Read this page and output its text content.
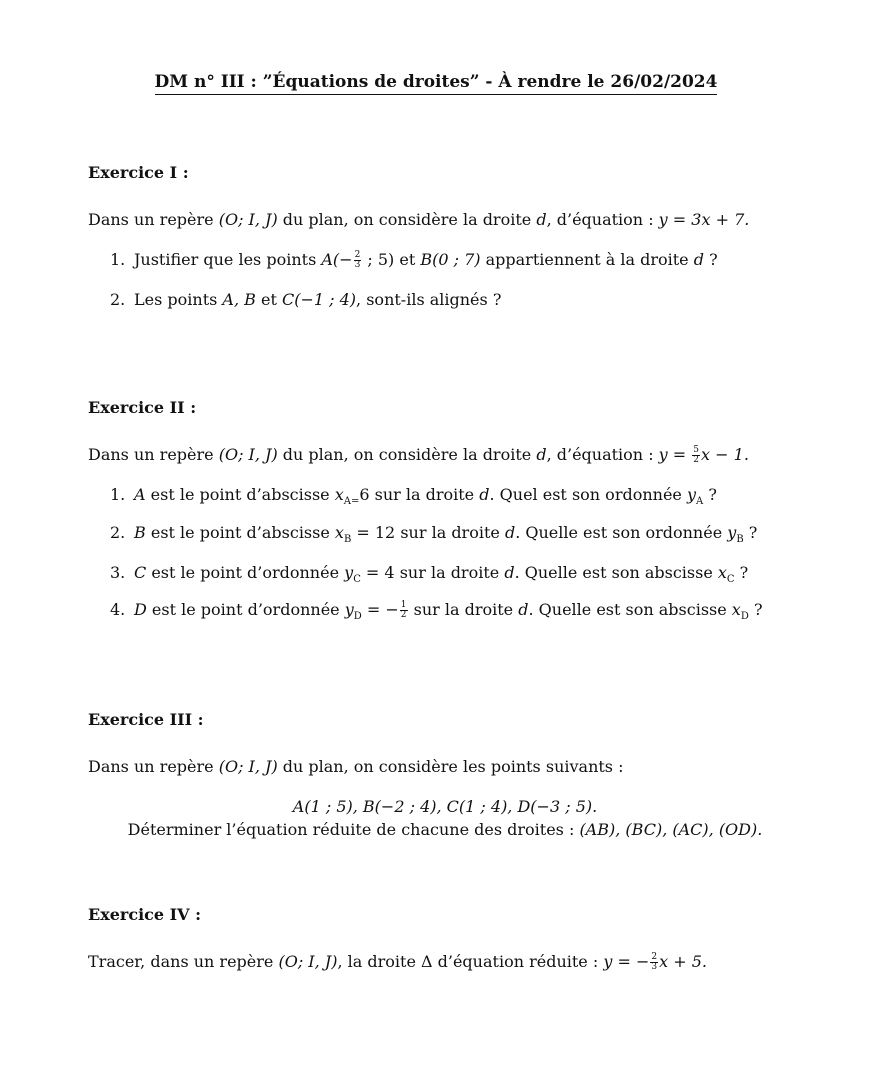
DM n° III : ”Équations de droites” - À rendre le 26/02/2024
Exercice I :
Dans un repère (O; I, J) du plan, on considère la droite d, d’équation : y = 3x + 7.
1. Justifier que les points $A(- \frac{2}{3}$ ; 5) et B(0 ; 7) appartiennent à la droite d ?
2. Les points A, B et C(−1 ; 4), sont-ils alignés ?
Exercice II :
Dans un repère (O; I, J) du plan, on considère la droite d, d’équation : $y = \frac{5}{2}$ x − 1.
1. A est le point d’abscisse $x_{A=}6$ sur la droite d. Quel est son ordonnée $y_A$ ?
2. B est le point d’abscisse $x_B = 12$ sur la droite d. Quelle est son ordonnée $y_B$ ?
3. C est le point d’ordonnée $y_C = 4$ sur la droite d. Quelle est son abscisse $x_C$ ?
4. D est le point d’ordonnée $y_D$ = − $\frac{1}{2}$ sur la droite d. Quelle est son abscisse $x_D$ ?
Exercice III :
Dans un repère (O; I, J) du plan, on considère les points suivants :
A(1 ; 5), B(−2 ; 4), C(1 ; 4), D(−3 ; 5).
Déterminer l’équation réduite de chacune des droites : (AB), (BC), (AC), (OD).
Exercice IV :
Tracer, dans un repère (O; I, J), la droite Δ d’équation réduite : y = − $\frac{2}{3}$ x + 5.
